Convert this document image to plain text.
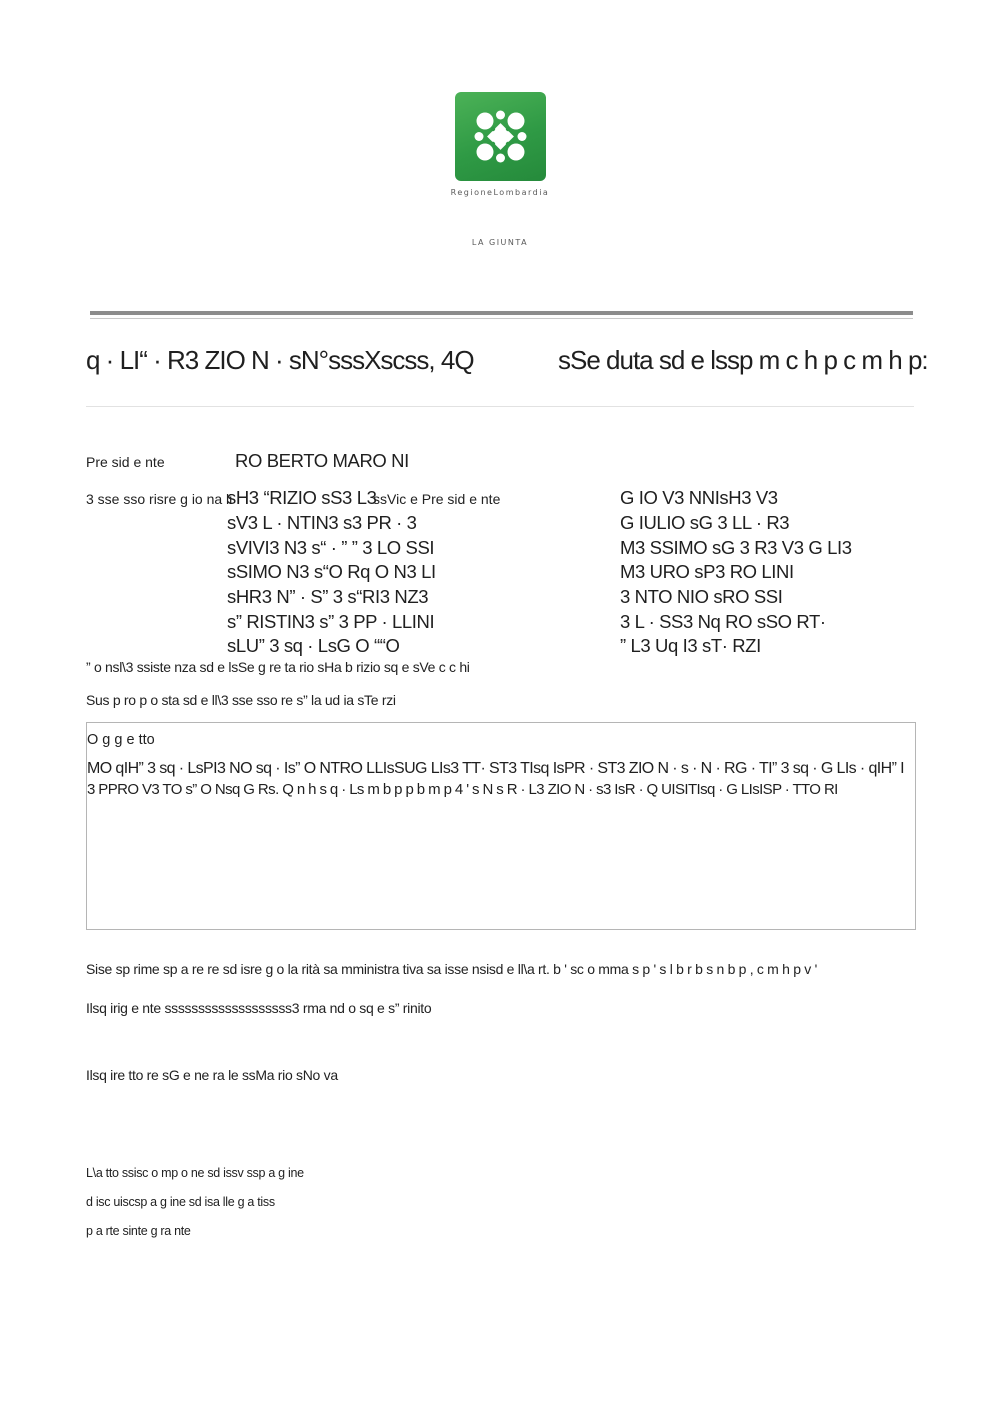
RegioneLombardia
LA GIUNTA
q · LI“ · R3 ZIO N · sN°sssXscss, 4Q	sSe duta sd e lssp m c h p c m h p:
Pre sid e nte	RO BERTO MARO NI
3 sse sso risre g io na li
sH3 “RIZIO sS3 L3
ssVic e Pre sid e nte
sV3 L · NTIN3 s3 PR · 3
sVIVI3 N3 s“ · ” ” 3 LO SSI
sSIMO N3 s“O Rq O N3 LI
sHR3 N” · S” 3 s“RI3 NZ3
s” RISTIN3 s” 3 PP · LLINI
sLU” 3 sq · LsG O ““O
G IO V3 NNIsH3 V3
G IULIO sG 3 LL · R3
M3 SSIMO sG 3 R3 V3 G LI3
M3 URO sP3 RO LINI
3 NTO NIO sRO SSI
3 L · SS3 Nq RO sSO RT·
” L3 Uq I3 sT· RZI
” o nsl\3 ssiste nza sd e lsSe g re ta rio sHa b rizio sq e sVe c c hi
Sus p ro p o sta sd e ll\3 sse sso re s” la ud ia sTe rzi
O g g e tto
MO qIH” 3 sq · LsPI3 NO sq · Is” O NTRO LLIsSUG LIs3 TT· ST3 TIsq IsPR · ST3 ZIO N · s · N · RG · TI” 3 sq · G LIs · qIH” I
3 PPRO V3 TO s” O Nsq G Rs. Q n h s q · Ls m b p p b m p 4 ' s N s R · L3 ZIO N · s3 IsR · Q UISITIsq · G LIsISP · TTO RI
Sise sp rime sp a re re sd isre g o la rità sa mministra tiva sa isse nsisd e ll\a rt. b ' sc o mma s p ' s l b r b s n b p , c m h p v '
Ilsq irig e nte sssssssssssssssssss3 rma nd o sq e s” rinito
Ilsq ire tto re sG e ne ra le ssMa rio sNo va
L\a tto ssisc o mp o ne sd issv ssp a g ine
d isc uiscsp a g ine sd isa lle g a tiss
p a rte sinte g ra nte
